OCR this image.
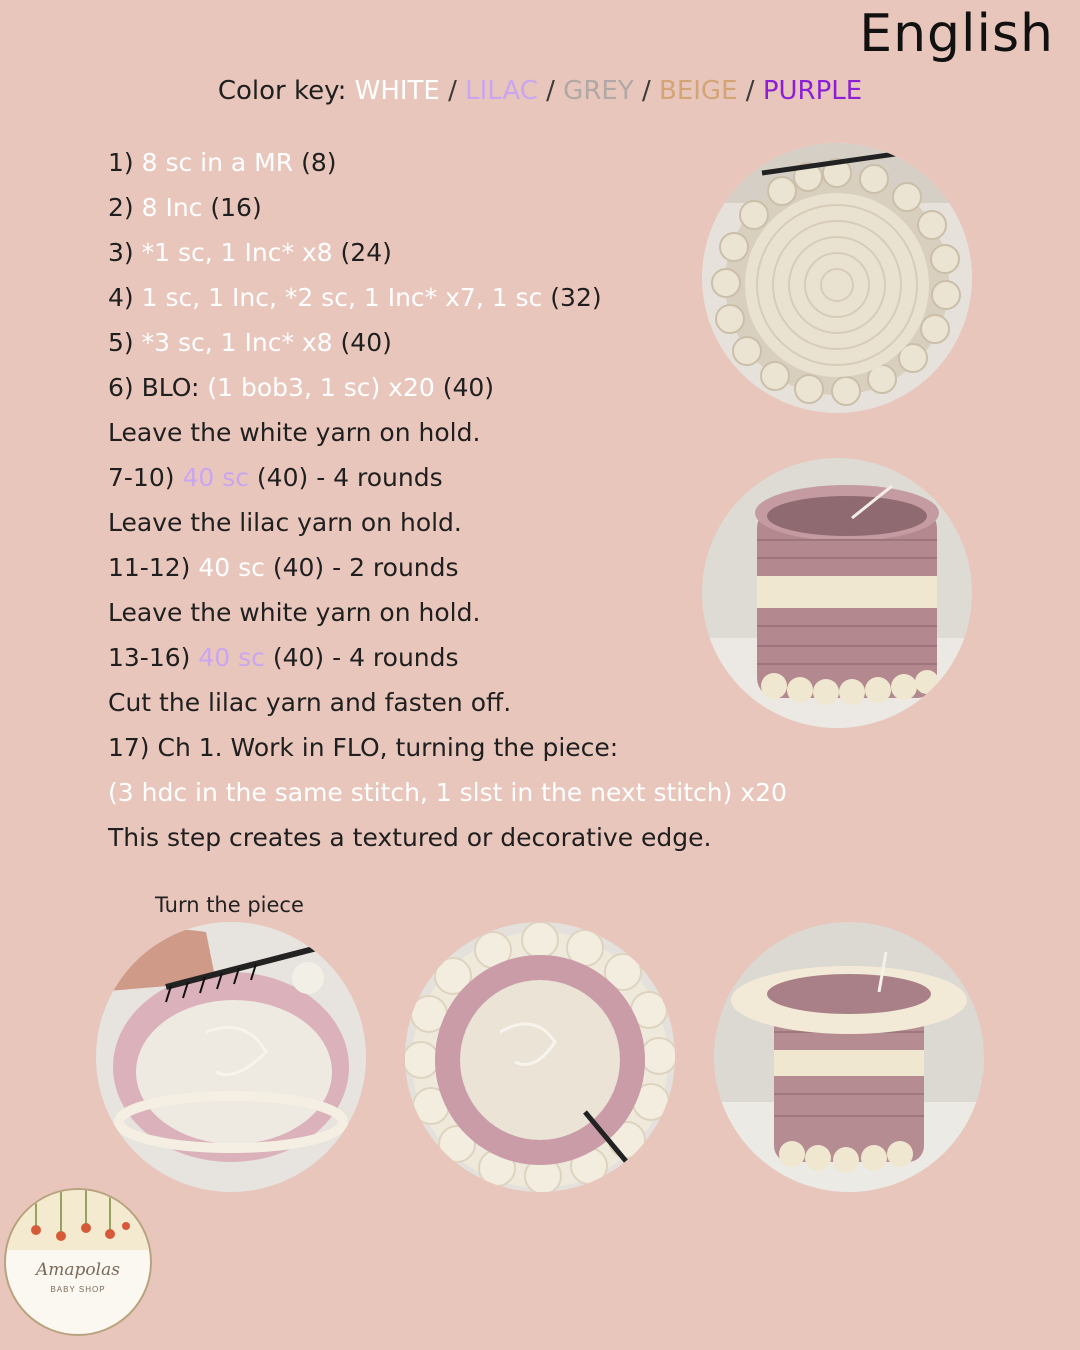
English
Color key: WHITE / LILAC / GREY / BEIGE / PURPLE
1) 8 sc in a MR (8)
2) 8 Inc (16)
3) *1 sc, 1 Inc* x8 (24)
4) 1 sc, 1 Inc, *2 sc, 1 Inc* x7, 1 sc (32)
5) *3 sc, 1 Inc* x8 (40)
6) BLO: (1 bob3, 1 sc) x20 (40)
Leave the white yarn on hold.
7-10) 40 sc (40) - 4 rounds
Leave the lilac yarn on hold.
11-12) 40 sc (40) - 2 rounds
Leave the white yarn on hold.
13-16) 40 sc (40) - 4 rounds
Cut the lilac yarn and fasten off.
17) Ch 1. Work in FLO, turning the piece:
(3 hdc in the same stitch, 1 slst in the next stitch) x20
This step creates a textured or decorative edge.
Turn the piece
Amapolas
BABY SHOP
